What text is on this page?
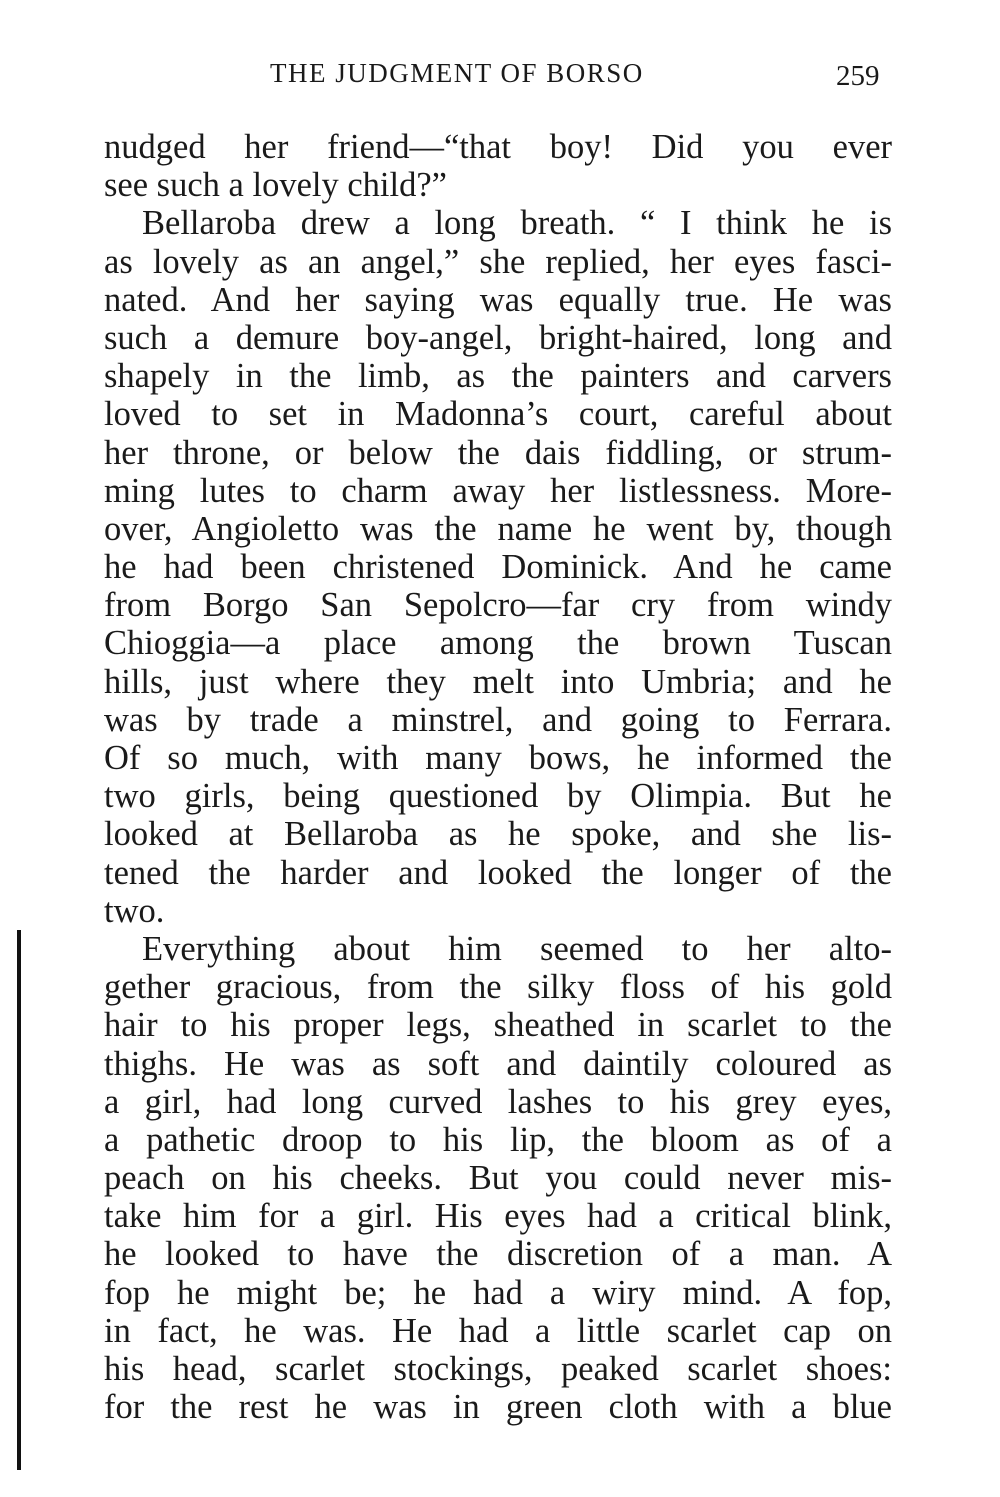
THE JUDGMENT OF BORSO	259
nudged her friend—“that boy! Did you ever
see such a lovely child?”
Bellaroba drew a long breath. “ I think he is
as lovely as an angel,” she replied, her eyes fasci-
nated. And her saying was equally true. He was
such a demure boy-angel, bright-haired, long and
shapely in the limb, as the painters and carvers
loved to set in Madonna’s court, careful about
her throne, or below the dais fiddling, or strum-
ming lutes to charm away her listlessness. More-
over, Angioletto was the name he went by, though
he had been christened Dominick. And he came
from Borgo San Sepolcro—far cry from windy
Chioggia—a place among the brown Tuscan
hills, just where they melt into Umbria; and he
was by trade a minstrel, and going to Ferrara.
Of so much, with many bows, he informed the
two girls, being questioned by Olimpia. But he
looked at Bellaroba as he spoke, and she lis-
tened the harder and looked the longer of the
two.
Everything about him seemed to her alto-
gether gracious, from the silky floss of his gold
hair to his proper legs, sheathed in scarlet to the
thighs. He was as soft and daintily coloured as
a girl, had long curved lashes to his grey eyes,
a pathetic droop to his lip, the bloom as of a
peach on his cheeks. But you could never mis-
take him for a girl. His eyes had a critical blink,
he looked to have the discretion of a man. A
fop he might be; he had a wiry mind. A fop,
in fact, he was. He had a little scarlet cap on
his head, scarlet stockings, peaked scarlet shoes:
for the rest he was in green cloth with a blue
